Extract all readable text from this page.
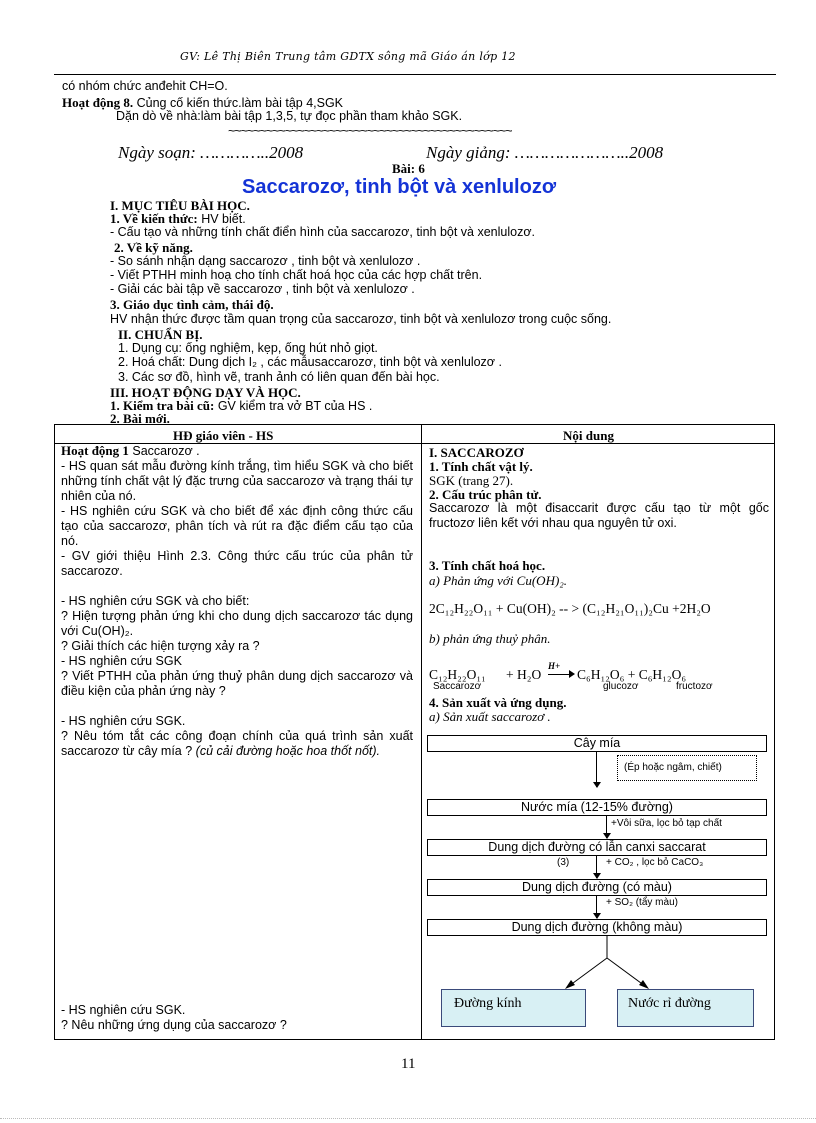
GV: Lê Thị Biên Trung tâm GDTX sông mã Giáo án lớp 12
có nhóm chức anđehit CH=O.
Hoạt động 8. Củng cố kiến thức.làm bài tập 4,SGK
Dặn dò về nhà:làm bài tập 1,3,5, tự đọc phần tham khảo SGK.
~~~~~~~~~~~~~~~~~~~~~~~~~~~~~~~~~~~~~~~~~~~~~
Ngày soạn: …………..2008	Ngày giảng: …………………..2008
Bài: 6
Saccarozơ, tinh bột và xenlulozơ
I. MỤC TIÊU BÀI HỌC.
1. Về kiến thức: HV biết.
- Cấu tạo và những tính chất điển hình của saccarozơ, tinh bột và xenlulozơ.
2. Về kỹ năng.
- So sánh nhận dạng saccarozơ , tinh bột và xenlulozơ .
- Viết PTHH minh hoạ cho tính chất hoá học của các hợp chất trên.
- Giải các bài tập về saccarozơ , tinh bột và xenlulozơ .
3. Giáo dục tình cảm, thái độ.
HV nhận thức được tầm quan trọng của saccarozơ, tinh bột và xenlulozơ trong cuộc sống.
II. CHUẨN BỊ.
1. Dụng cụ: ống nghiệm, kẹp, ống hút nhỏ giọt.
2. Hoá chất: Dung dịch I₂ , các mẫusaccarozơ, tinh bột và xenlulozơ .
3. Các sơ đồ, hình vẽ, tranh ảnh có liên quan đến bài học.
III. HOẠT ĐỘNG DẠY VÀ HỌC.
1. Kiểm tra bài cũ: GV kiểm tra vở BT của HS .
2. Bài mới.
HĐ giáo viên - HS	Nội dung
Hoạt động 1 Saccarozơ .
- HS quan sát mẫu đường kính trắng, tìm hiểu SGK và cho biết những tính chất vật lý đặc trưng của saccarozơ và trạng thái tự nhiên của nó.
- HS nghiên cứu SGK và cho biết để xác định công thức cấu tạo của saccarozơ, phân tích và rút ra đặc điểm cấu tạo của nó.
- GV giới thiệu Hình 2.3. Công thức cấu trúc của phân tử saccarozơ.
- HS nghiên cứu SGK và cho biết:
? Hiện tượng phản ứng khi cho dung dịch saccarozơ tác dụng với Cu(OH)₂.
? Giải thích các hiện tượng xảy ra ?
- HS nghiên cứu SGK
? Viết PTHH của phản ứng thuỷ phân dung dịch saccarozơ và điều kiện của phản ứng này ?
- HS nghiên cứu SGK.
? Nêu tóm tắt các công đoạn chính của quá trình sản xuất saccarozơ từ cây mía ? (củ cải đường hoặc hoa thốt nốt).
- HS nghiên cứu SGK.
? Nêu những ứng dụng của saccarozơ ?
I. SACCAROZƠ
1. Tính chất vật lý.
SGK (trang 27).
2. Cấu trúc phân tử.
Saccarozơ là một đisaccarit được cấu tạo từ một gốc fructozơ liên kết với nhau qua nguyên tử oxi.
3. Tính chất hoá học.
a) Phản ứng với Cu(OH)₂.
2C₁₂H₂₂O₁₁ + Cu(OH)₂ -- > (C₁₂H₂₁O₁₁)₂Cu +2H₂O
b) phản ứng thuỷ phân.
C₁₂H₂₂O₁₁ + H₂O
H+
C₆H₁₂O₆ + C₆H₁₂O₆
Saccarozơ	glucozơ	fructozơ
4. Sản xuất và ứng dụng.
a) Sản xuất saccarozơ .
Cây mía
(Ép hoặc ngâm, chiết)
Nước mía (12-15% đường)
+Vôi sữa, lọc bỏ tạp chất
Dung dịch đường có lẫn canxi saccarat
(3)	+ CO₂ , lọc bỏ CaCO₃
Dung dịch đường (có màu)
+ SO₂ (tẩy màu)
Dung dịch đường (không màu)
Đường kính	Nước rỉ đường
11
